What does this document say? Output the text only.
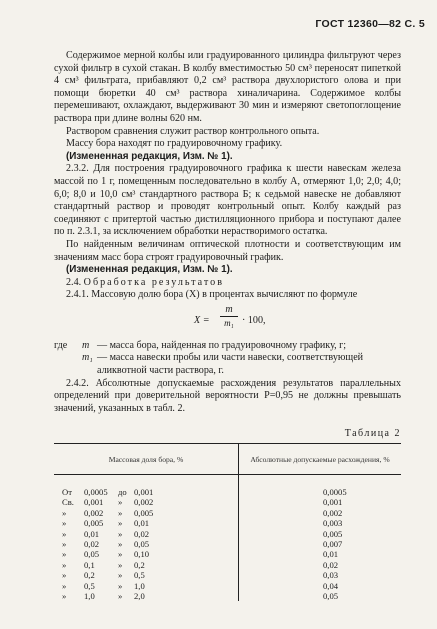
ГОСТ 12360—82 С. 5

Содержимое мерной колбы или градуированного цилиндра фильтруют через сухой фильтр в сухой стакан. В колбу вместимостью 50 см³ переносят пипеткой 4 см³ фильтрата, прибавляют 0,2 см³ раствора двухлористого олова и при помощи бюретки 40 см³ раствора хиналичарина. Содержимое колбы перемешивают, охлаждают, выдерживают 30 мин и измеряют светопоглощение раствора при длине волны 620 нм.

Раствором сравнения служит раствор контрольного опыта.

Массу бора находят по градуировочному графику.

(Измененная редакция, Изм. № 1).

2.3.2. Для построения градуировочного графика к шести навескам железа массой по 1 г, помещенным последовательно в колбу А, отмеряют 1,0; 2,0; 4,0; 6,0; 8,0 и 10,0 см³ стандартного раствора Б; к седьмой навеске не добавляют стандартный раствор и проводят контрольный опыт. Колбу каждый раз соединяют с притертой частью дистилляционного прибора и поступают далее по п. 2.3.1, за исключением обработки нерастворимого остатка.

По найденным величинам оптической плотности и соответствующим им значениям масс бора строят градуировочный график.

(Измененная редакция, Изм. № 1).

2.4. Обработка результатов

2.4.1. Массовую долю бора (X) в процентах вычисляют по формуле

$X = \frac{m}{\text{m₁}} \cdot 100$,
где	m — масса бора, найденная по градуировочному графику, г;
m₁ — масса навески пробы или части навески, соответствующей аликвотной части раствора, г.

2.4.2. Абсолютные допускаемые расхождения результатов параллельных определений при доверительной вероятности P=0,95 не должны превышать значений, указанных в табл. 2.

Таблица 2
Массовая доля бора, %	Абсолютные допускаемые расхождения, %

От 0,0005 до 0,001	0,0005

Св. 0,001 » 0,002	0,001

» 0,002 » 0,005	0,002

» 0,005 » 0,01	0,003

» 0,01 » 0,02	0,005

» 0,02 » 0,05	0,007

» 0,05 » 0,10	0,01

» 0,1 » 0,2	0,02

» 0,2 » 0,5	0,03

» 0,5 » 1,0	0,04

» 1,0 » 2,0	0,05
